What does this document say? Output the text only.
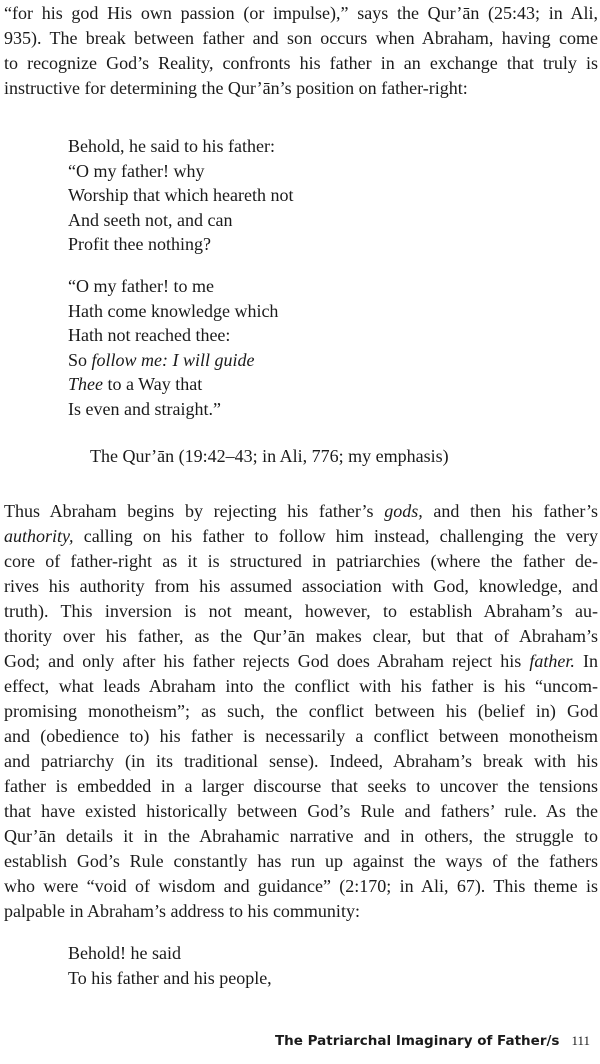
“for his god His own passion (or impulse),” says the Qur’ān (25:43; in Ali,
935). The break between father and son occurs when Abraham, having come
to recognize God’s Reality, confronts his father in an exchange that truly is
instructive for determining the Qur’ān’s position on father-right:
Behold, he said to his father:
“O my father! why
Worship that which heareth not
And seeth not, and can
Profit thee nothing?
“O my father! to me
Hath come knowledge which
Hath not reached thee:
So follow me: I will guide
Thee to a Way that
Is even and straight.”
The Qur’ān (19:42–43; in Ali, 776; my emphasis)
Thus Abraham begins by rejecting his father’s gods, and then his father’s
authority, calling on his father to follow him instead, challenging the very
core of father-right as it is structured in patriarchies (where the father de-
rives his authority from his assumed association with God, knowledge, and
truth). This inversion is not meant, however, to establish Abraham’s au-
thority over his father, as the Qur’ān makes clear, but that of Abraham’s
God; and only after his father rejects God does Abraham reject his father. In
effect, what leads Abraham into the conflict with his father is his “uncom-
promising monotheism”; as such, the conflict between his (belief in) God
and (obedience to) his father is necessarily a conflict between monotheism
and patriarchy (in its traditional sense). Indeed, Abraham’s break with his
father is embedded in a larger discourse that seeks to uncover the tensions
that have existed historically between God’s Rule and fathers’ rule. As the
Qur’ān details it in the Abrahamic narrative and in others, the struggle to
establish God’s Rule constantly has run up against the ways of the fathers
who were “void of wisdom and guidance” (2:170; in Ali, 67). This theme is
palpable in Abraham’s address to his community:
Behold! he said
To his father and his people,
The Patriarchal Imaginary of Father/s 111
